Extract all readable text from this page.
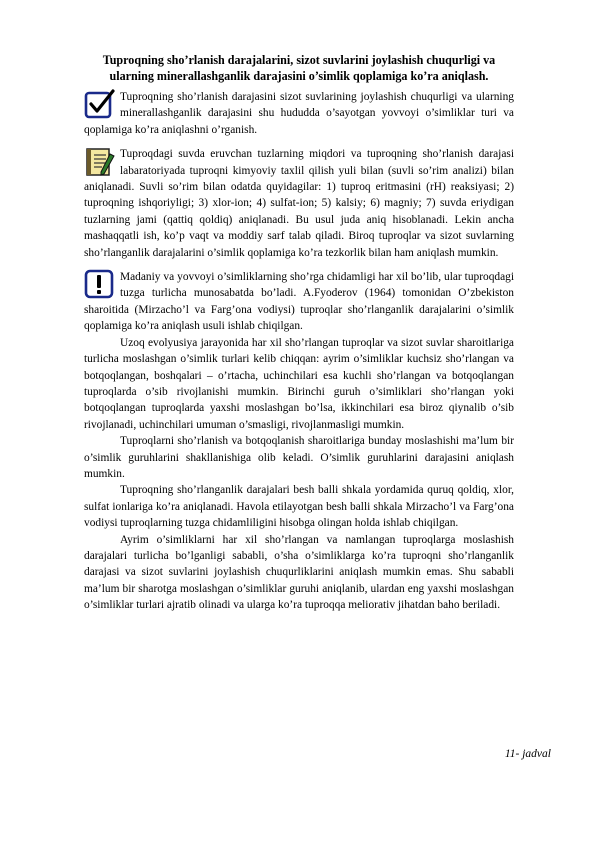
Tuproqning sho’rlanish darajalarini, sizot suvlarini joylashish chuqurligi va ularning minerallashganlik darajasini o’simlik qoplamiga ko’ra aniqlash.

Tuproqning sho’rlanish darajasini sizot suvlarining joylashish chuqurligi va ularning minerallashganlik darajasini shu hududda o’sayotgan yovvoyi o’simliklar turi va qoplamiga ko’ra aniqlashni o’rganish.

Tuproqdagi suvda eruvchan tuzlarning miqdori va tuproqning sho’rlanish darajasi labaratoriyada tuproqni kimyoviy taxlil qilish yuli bilan (suvli so’rim analizi) bilan aniqlanadi. Suvli so’rim bilan odatda quyidagilar: 1) tuproq eritmasini (rH) reaksiyasi; 2) tuproqning ishqoriyligi; 3) xlor-ion; 4) sulfat-ion; 5) kalsiy; 6) magniy; 7) suvda eriydigan tuzlarning jami (qattiq qoldiq) aniqlanadi. Bu usul juda aniq hisoblanadi. Lekin ancha mashaqqatli ish, ko’p vaqt va moddiy sarf talab qiladi. Biroq tuproqlar va sizot suvlarning sho’rlanganlik darajalarini o’simlik qoplamiga ko’ra tezkorlik bilan ham aniqlash mumkin.

Madaniy va yovvoyi o’simliklarning sho’rga chidamligi har xil bo’lib, ular tuproqdagi tuzga turlicha munosabatda bo’ladi. A.Fyoderov (1964) tomonidan O’zbekiston sharoitida (Mirzacho’l va Farg’ona vodiysi) tuproqlar sho’rlanganlik darajalarini o’simlik qoplamiga ko’ra aniqlash usuli ishlab chiqilgan.

Uzoq evolyusiya jarayonida har xil sho’rlangan tuproqlar va sizot suvlar sharoitlariga turlicha moslashgan o’simlik turlari kelib chiqqan: ayrim o’simliklar kuchsiz sho’rlangan va botqoqlangan, boshqalari – o’rtacha, uchinchilari esa kuchli sho’rlangan va botqoqlangan tuproqlarda o’sib rivojlanishi mumkin. Birinchi guruh o’simliklari sho’rlangan yoki botqoqlangan tuproqlarda yaxshi moslashgan bo’lsa, ikkinchilari esa biroz qiynalib o’sib rivojlanadi, uchinchilari umuman o’smasligi, rivojlanmasligi mumkin.

Tuproqlarni sho’rlanish va botqoqlanish sharoitlariga bunday moslashishi ma’lum bir o’simlik guruhlarini shakllanishiga olib keladi. O’simlik guruhlarini darajasini aniqlash mumkin.

Tuproqning sho’rlanganlik darajalari besh balli shkala yordamida quruq qoldiq, xlor, sulfat ionlariga ko’ra aniqlanadi. Havola etilayotgan besh balli shkala Mirzacho’l va Farg’ona vodiysi tuproqlarning tuzga chidamliligini hisobga olingan holda ishlab chiqilgan.

Ayrim o’simliklarni har xil sho’rlangan va namlangan tuproqlarga moslashish darajalari turlicha bo’lganligi sababli, o’sha o’simliklarga ko’ra tuproqni sho’rlanganlik darajasi va sizot suvlarini joylashish chuqurliklarini aniqlash mumkin emas. Shu sababli ma’lum bir sharotga moslashgan o’simliklar guruhi aniqlanib, ulardan eng yaxshi moslashgan o’simliklar turlari ajratib olinadi va ularga ko’ra tuproqqa meliorativ jihatdan baho beriladi.

11- jadval
